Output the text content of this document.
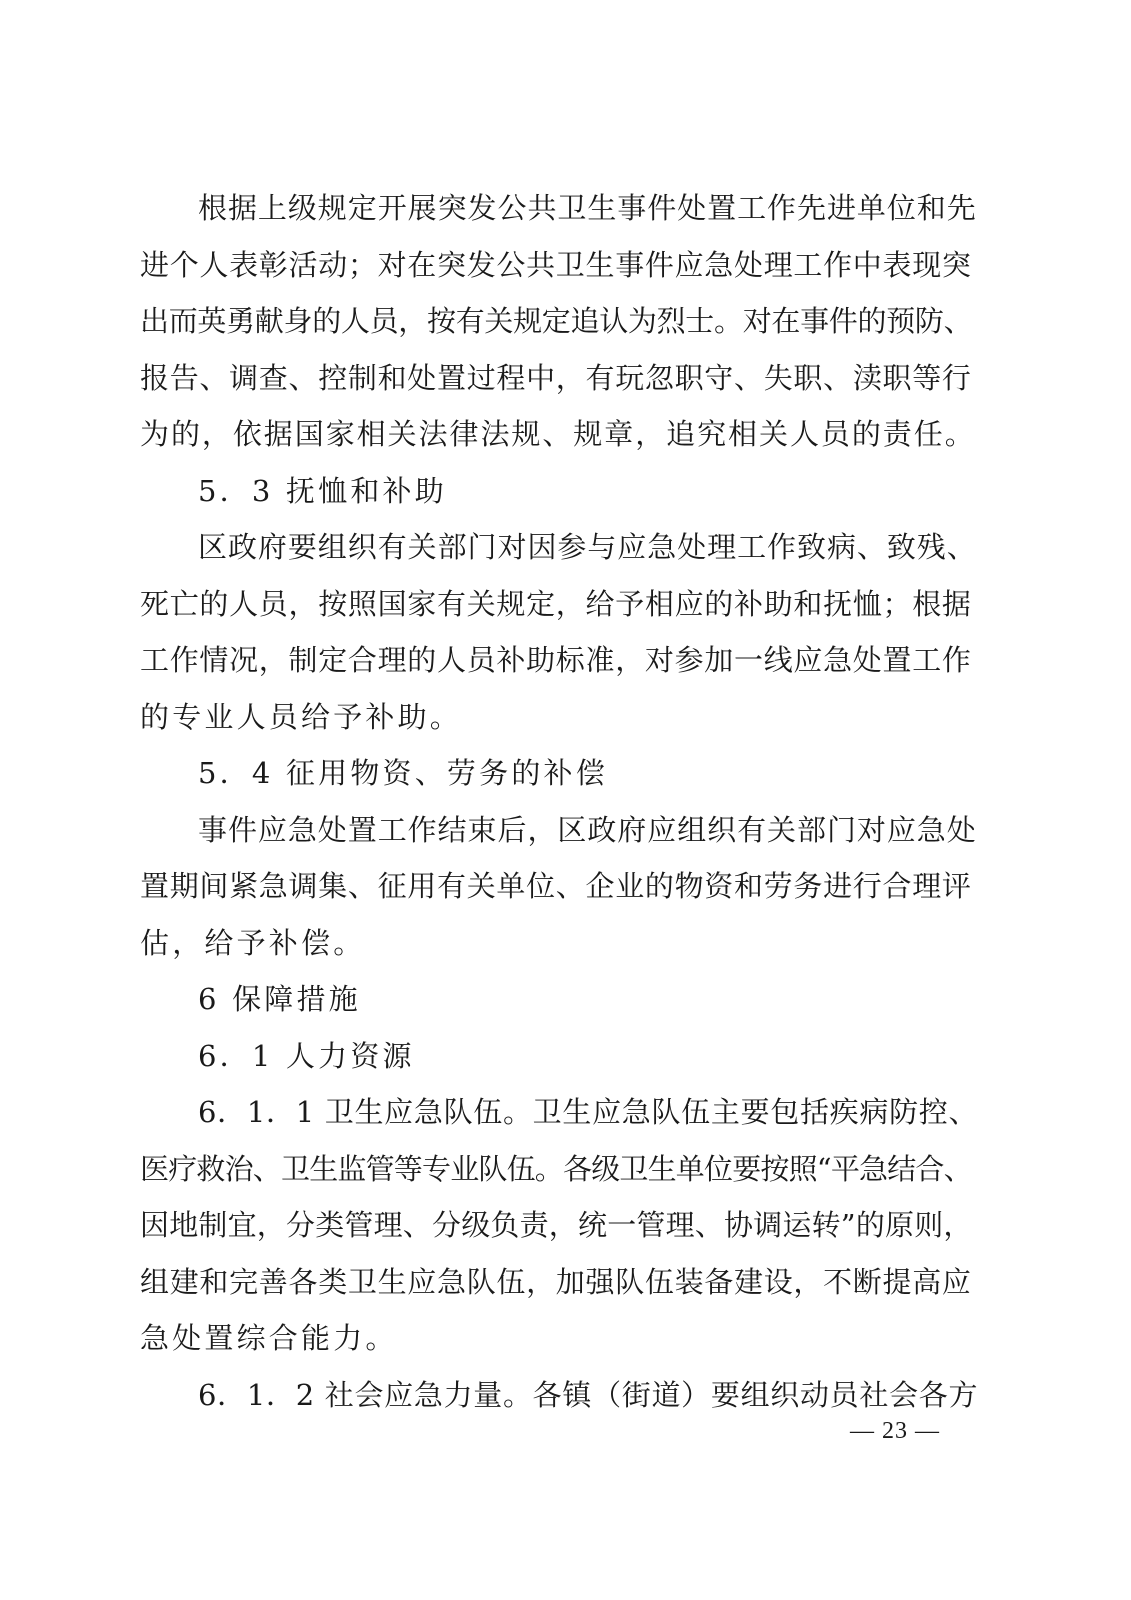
根据上级规定开展突发公共卫生事件处置工作先进单位和先
进个人表彰活动；对在突发公共卫生事件应急处理工作中表现突
出而英勇献身的人员，按有关规定追认为烈士。对在事件的预防、
报告、调查、控制和处置过程中，有玩忽职守、失职、渎职等行
为的，依据国家相关法律法规、规章，追究相关人员的责任。
5．3 抚恤和补助
区政府要组织有关部门对因参与应急处理工作致病、致残、
死亡的人员，按照国家有关规定，给予相应的补助和抚恤；根据
工作情况，制定合理的人员补助标准，对参加一线应急处置工作
的专业人员给予补助。
5．4 征用物资、劳务的补偿
事件应急处置工作结束后，区政府应组织有关部门对应急处
置期间紧急调集、征用有关单位、企业的物资和劳务进行合理评
估，给予补偿。
6 保障措施
6．1 人力资源
6．1．1 卫生应急队伍。卫生应急队伍主要包括疾病防控、
医疗救治、卫生监管等专业队伍。各级卫生单位要按照“平急结合、
因地制宜，分类管理、分级负责，统一管理、协调运转”的原则，
组建和完善各类卫生应急队伍，加强队伍装备建设，不断提高应
急处置综合能力。
6．1．2 社会应急力量。各镇（街道）要组织动员社会各方
— 23 —
